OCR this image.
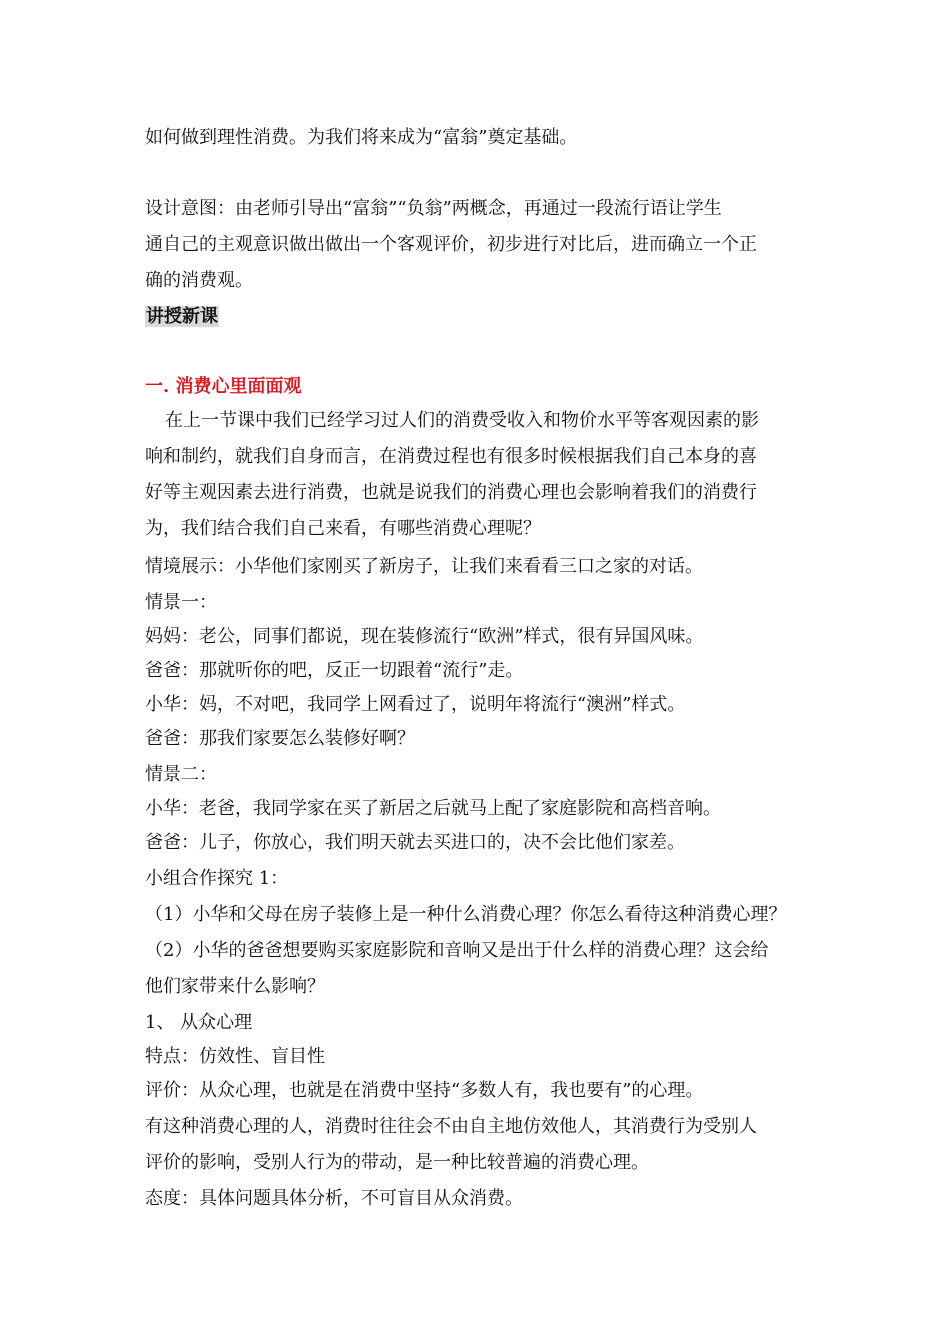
如何做到理性消费。为我们将来成为“富翁”奠定基础。

设计意图：由老师引导出“富翁”“负翁”两概念，再通过一段流行语让学生

通自己的主观意识做出做出一个客观评价，初步进行对比后，进而确立一个正

确的消费观。

讲授新课

一. 消费心里面面观

在上一节课中我们已经学习过人们的消费受收入和物价水平等客观因素的影

响和制约，就我们自身而言，在消费过程也有很多时候根据我们自己本身的喜

好等主观因素去进行消费，也就是说我们的消费心理也会影响着我们的消费行

为，我们结合我们自己来看，有哪些消费心理呢？

情境展示：小华他们家刚买了新房子，让我们来看看三口之家的对话。

情景一：

妈妈：老公，同事们都说，现在装修流行“欧洲”样式，很有异国风味。

爸爸：那就听你的吧，反正一切跟着“流行”走。

小华：妈，不对吧，我同学上网看过了，说明年将流行“澳洲”样式。

爸爸：那我们家要怎么装修好啊？

情景二：

小华：老爸，我同学家在买了新居之后就马上配了家庭影院和高档音响。

爸爸：儿子，你放心，我们明天就去买进口的，决不会比他们家差。

小组合作探究 1：

（1）小华和父母在房子装修上是一种什么消费心理？你怎么看待这种消费心理？

（2）小华的爸爸想要购买家庭影院和音响又是出于什么样的消费心理？这会给

他们家带来什么影响？

1、 从众心理

特点：仿效性、盲目性

评价：从众心理，也就是在消费中坚持“多数人有，我也要有”的心理。

有这种消费心理的人，消费时往往会不由自主地仿效他人，其消费行为受别人

评价的影响，受别人行为的带动，是一种比较普遍的消费心理。

态度：具体问题具体分析，不可盲目从众消费。
